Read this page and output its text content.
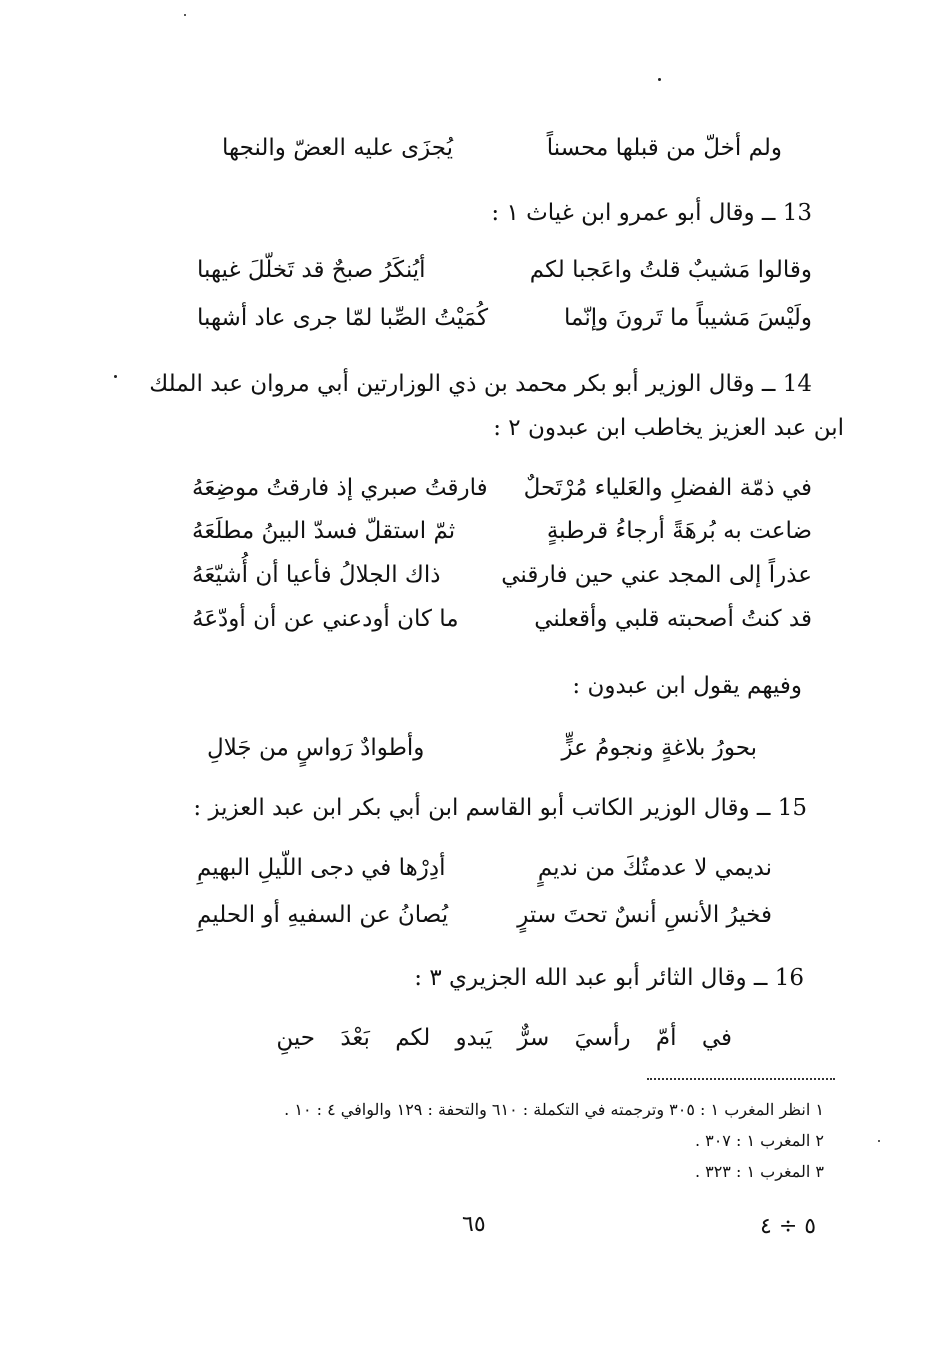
ولم أخلّ من قبلها محسناً
يُجزَى عليه العضّ والنجها
13 ــ وقال أبو عمرو ابن غياث ١ :
وقالوا مَشيبٌ قلتُ واعَجبا لكم
أيُنكَرُ صبحٌ قد تَخلّلَ غيهبا
ولَيْسَ مَشيباً ما تَرونَ وإنّما
كُمَيْتُ الصِّبا لمّا جرى عاد أشهبا
14 ــ وقال الوزير أبو بكر محمد بن ذي الوزارتين أبي مروان عبد الملك
ابن عبد العزيز يخاطب ابن عبدون ٢ :
في ذمّة الفضلِ والعَلياء مُرْتَحلٌ
فارقتُ صبري إذ فارقتُ موضِعَهُ
ضاعت به بُرهَةً أرجاءُ قرطبةٍ
ثمّ استقلّ فسدّ البينُ مطلَعَهُ
عذراً إلى المجد عني حين فارقني
ذاك الجلالُ فأعيا أن أُشيّعَهُ
قد كنتُ أصحبته قلبي وأقعلني
ما كان أودعني عن أن أودّعَهُ
وفيهم يقول ابن عبدون :
بحورُ بلاغةٍ ونجومُ عزٍّ
وأطوادٌ رَواسٍ من جَلالِ
15 ــ وقال الوزير الكاتب أبو القاسم ابن أبي بكر ابن عبد العزيز :
نديمي لا عدمتُكَ من نديمٍ
أدِرْها في دجى اللّيلِ البهيمِ
فخيرُ الأنسِ أنسٌ تحتَ سترٍ
يُصانُ عن السفيهِ أو الحليمِ
16 ــ وقال الثائر أبو عبد الله الجزيري ٣ :
في أمّ رأسيَ سرٌّ يَبدو لكم بَعْدَ حينِ
١ انظر المغرب ١ : ٣٠٥ وترجمته في التكملة : ٦١٠ والتحفة : ١٢٩ والوافي ٤ : ١٠ .
٢ المغرب ١ : ٣٠٧ .
٣ المغرب ١ : ٣٢٣ .
٦٥	٥ ÷ ٤
